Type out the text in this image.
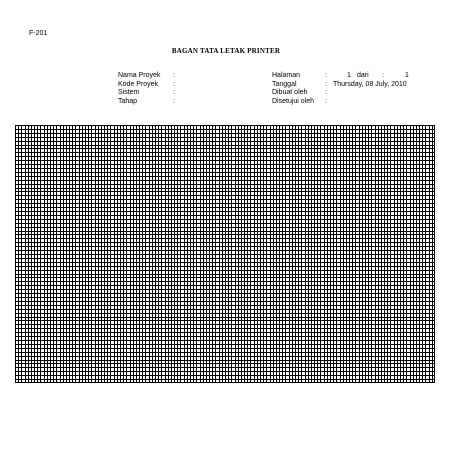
F-201
BAGAN TATA LETAK PRINTER
Nama Proyek :
Kode Proyek :
Sistem	:
Tahap	:
Halaman	:	1 dari :	1
Tanggal	: Thursday, 08 July, 2010
Dibuat oleh	:
Disetujui oleh :
